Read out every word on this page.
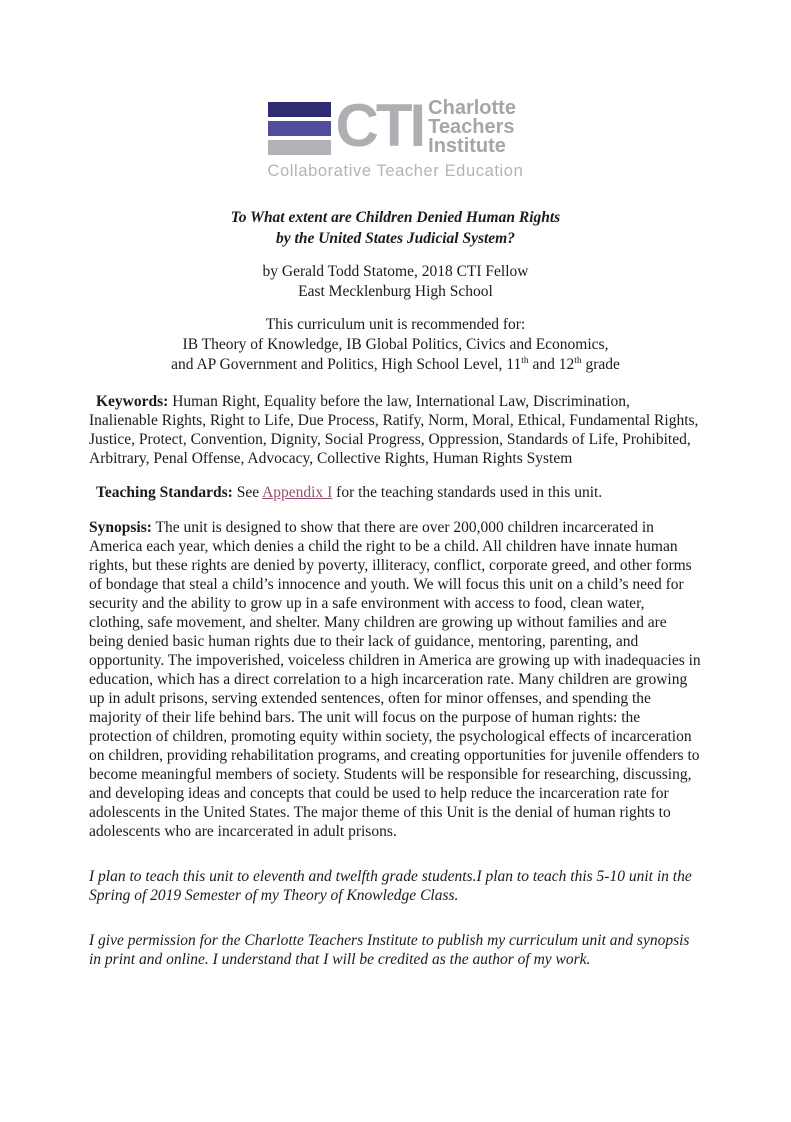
CTI Charlotte
Teachers
Institute
Collaborative Teacher Education
To What extent are Children Denied Human Rights
by the United States Judicial System?
by Gerald Todd Statome, 2018 CTI Fellow
East Mecklenburg High School
This curriculum unit is recommended for:
IB Theory of Knowledge, IB Global Politics, Civics and Economics,
and AP Government and Politics, High School Level, 11th and 12th grade

Keywords: Human Right, Equality before the law, International Law, Discrimination, Inalienable Rights, Right to Life, Due Process, Ratify, Norm, Moral, Ethical, Fundamental Rights, Justice, Protect, Convention, Dignity, Social Progress, Oppression, Standards of Life, Prohibited, Arbitrary, Penal Offense, Advocacy, Collective Rights, Human Rights System

Teaching Standards: See Appendix I for the teaching standards used in this unit.

Synopsis: The unit is designed to show that there are over 200,000 children incarcerated in America each year, which denies a child the right to be a child. All children have innate human rights, but these rights are denied by poverty, illiteracy, conflict, corporate greed, and other forms of bondage that steal a child’s innocence and youth. We will focus this unit on a child’s need for security and the ability to grow up in a safe environment with access to food, clean water, clothing, safe movement, and shelter. Many children are growing up without families and are being denied basic human rights due to their lack of guidance, mentoring, parenting, and opportunity. The impoverished, voiceless children in America are growing up with inadequacies in education, which has a direct correlation to a high incarceration rate. Many children are growing up in adult prisons, serving extended sentences, often for minor offenses, and spending the majority of their life behind bars. The unit will focus on the purpose of human rights: the protection of children, promoting equity within society, the psychological effects of incarceration on children, providing rehabilitation programs, and creating opportunities for juvenile offenders to become meaningful members of society. Students will be responsible for researching, discussing, and developing ideas and concepts that could be used to help reduce the incarceration rate for adolescents in the United States. The major theme of this Unit is the denial of human rights to adolescents who are incarcerated in adult prisons.

I plan to teach this unit to eleventh and twelfth grade students.I plan to teach this 5-10 unit in the Spring of 2019 Semester of my Theory of Knowledge Class.

I give permission for the Charlotte Teachers Institute to publish my curriculum unit and synopsis in print and online. I understand that I will be credited as the author of my work.
